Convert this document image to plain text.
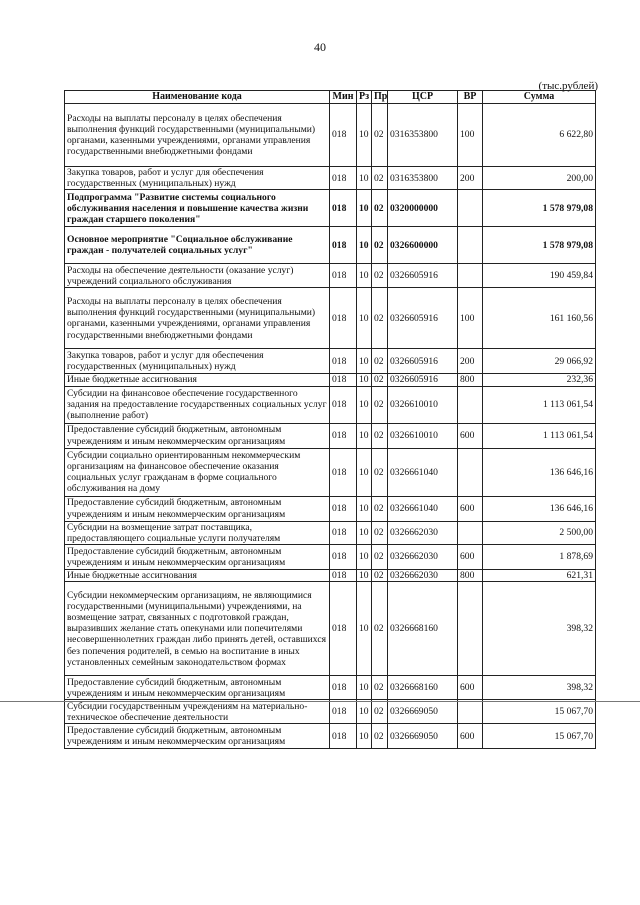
40
(тыс.рублей)
Наименование кода	Мин	Рз	Пр	ЦСР	ВР	Сумма
Расходы на выплаты персоналу в целях обеспечения выполнения функций государственными (муниципальными) органами, казенными учреждениями, органами управления государственными внебюджетными фондами	018	10	02	0316353800	100	6 622,80
Закупка товаров, работ и услуг для обеспечения государственных (муниципальных) нужд	018	10	02	0316353800	200	200,00
Подпрограмма "Развитие системы социального обслуживания населения и повышение качества жизни граждан старшего поколения"	018	10	02	0320000000		1 578 979,08
Основное мероприятие "Социальное обслуживание граждан - получателей социальных услуг"	018	10	02	0326600000		1 578 979,08
Расходы на обеспечение деятельности (оказание услуг) учреждений социального обслуживания	018	10	02	0326605916		190 459,84
Расходы на выплаты персоналу в целях обеспечения выполнения функций государственными (муниципальными) органами, казенными учреждениями, органами управления государственными внебюджетными фондами	018	10	02	0326605916	100	161 160,56
Закупка товаров, работ и услуг для обеспечения государственных (муниципальных) нужд	018	10	02	0326605916	200	29 066,92
Иные бюджетные ассигнования	018	10	02	0326605916	800	232,36
Субсидии на финансовое обеспечение государственного задания на предоставление государственных социальных услуг (выполнение работ)	018	10	02	0326610010		1 113 061,54
Предоставление субсидий бюджетным, автономным учреждениям и иным некоммерческим организациям	018	10	02	0326610010	600	1 113 061,54
Субсидии социально ориентированным некоммерческим организациям на финансовое обеспечение оказания социальных услуг гражданам в форме социального обслуживания на дому	018	10	02	0326661040		136 646,16
Предоставление субсидий бюджетным, автономным учреждениям и иным некоммерческим организациям	018	10	02	0326661040	600	136 646,16
Субсидии на возмещение затрат поставщика, предоставляющего социальные услуги получателям	018	10	02	0326662030		2 500,00
Предоставление субсидий бюджетным, автономным учреждениям и иным некоммерческим организациям	018	10	02	0326662030	600	1 878,69
Иные бюджетные ассигнования	018	10	02	0326662030	800	621,31
Субсидии некоммерческим организациям, не являющимися государственными (муниципальными) учреждениями, на возмещение затрат, связанных с подготовкой граждан, выразивших желание стать опекунами или попечителями несовершеннолетних граждан либо принять детей, оставшихся без попечения родителей, в семью на воспитание в иных установленных семейным законодательством формах	018	10	02	0326668160		398,32
Предоставление субсидий бюджетным, автономным учреждениям и иным некоммерческим организациям	018	10	02	0326668160	600	398,32
Субсидии государственным учреждениям на материально-техническое обеспечение деятельности	018	10	02	0326669050		15 067,70
Предоставление субсидий бюджетным, автономным учреждениям и иным некоммерческим организациям	018	10	02	0326669050	600	15 067,70
